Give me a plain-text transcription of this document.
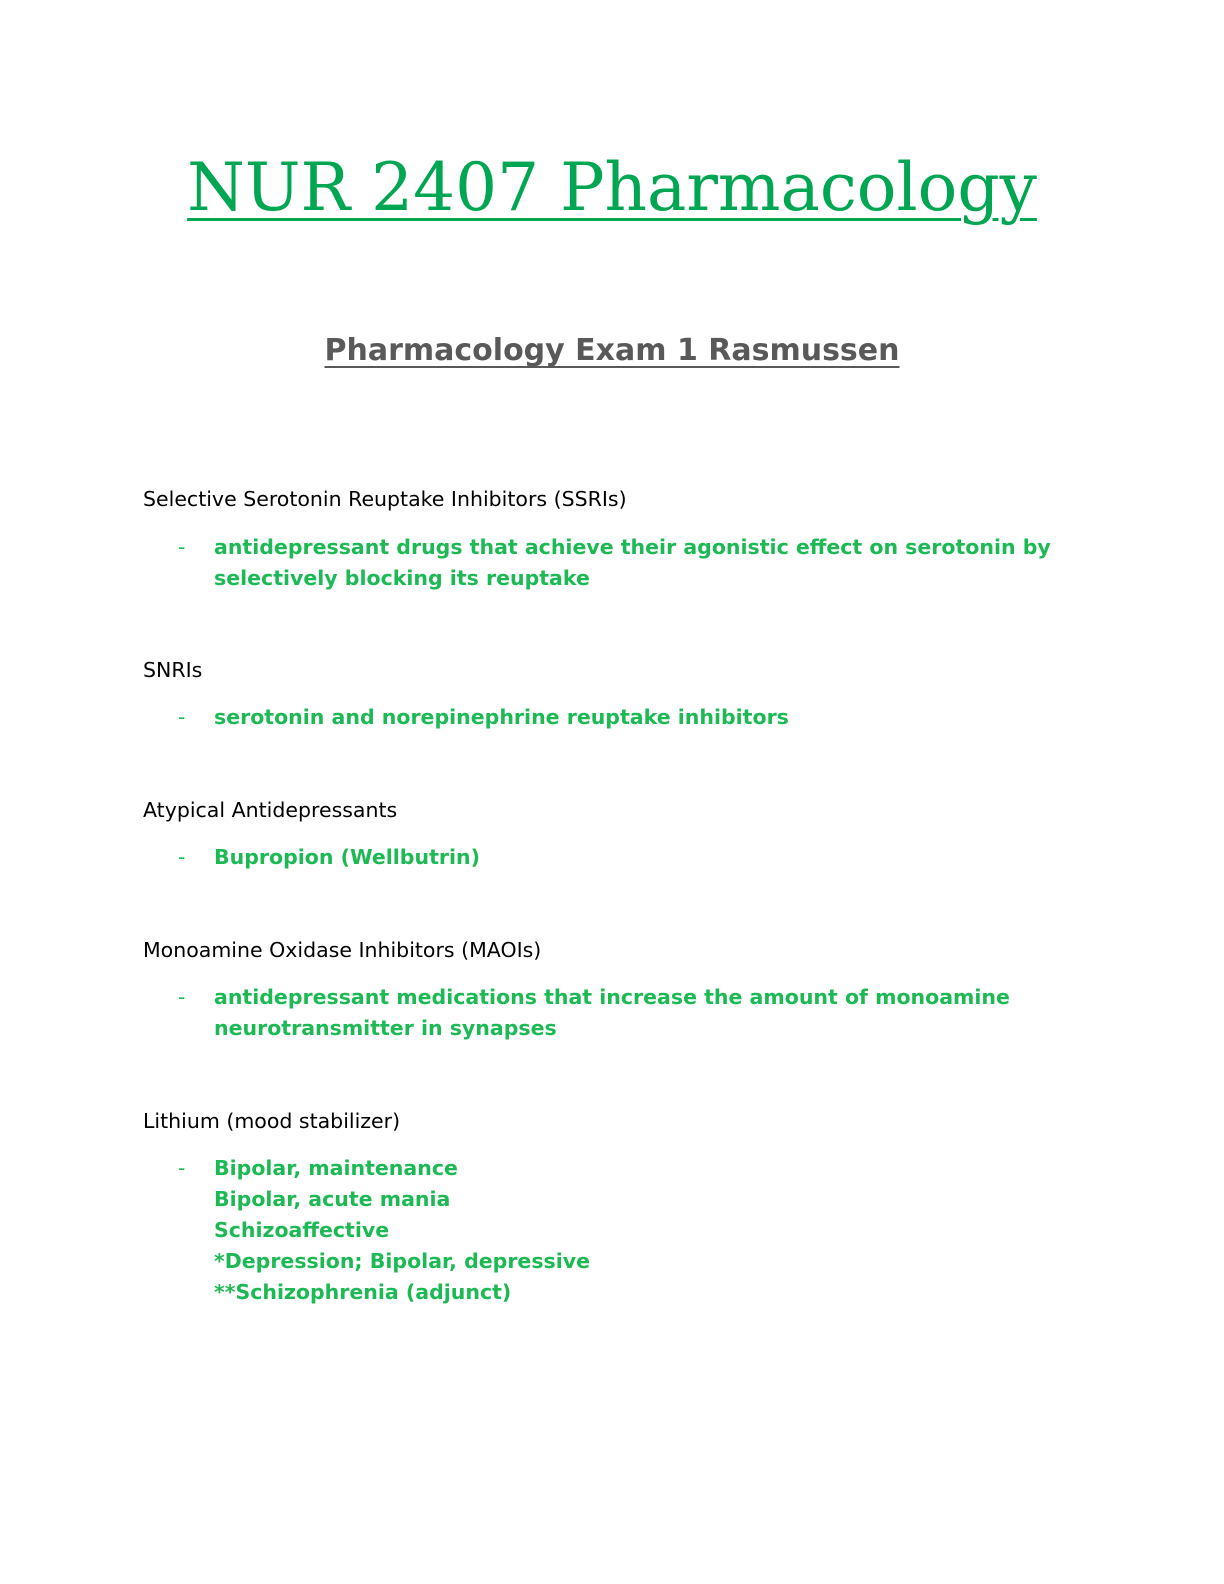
NUR 2407 Pharmacology
Pharmacology Exam 1 Rasmussen

Selective Serotonin Reuptake Inhibitors (SSRIs)

- antidepressant drugs that achieve their agonistic effect on serotonin by
selectively blocking its reuptake

SNRIs

- serotonin and norepinephrine reuptake inhibitors

Atypical Antidepressants

- Bupropion (Wellbutrin)

Monoamine Oxidase Inhibitors (MAOIs)

- antidepressant medications that increase the amount of monoamine
neurotransmitter in synapses

Lithium (mood stabilizer)

- Bipolar, maintenance
Bipolar, acute mania
Schizoaffective
*Depression; Bipolar, depressive
**Schizophrenia (adjunct)
